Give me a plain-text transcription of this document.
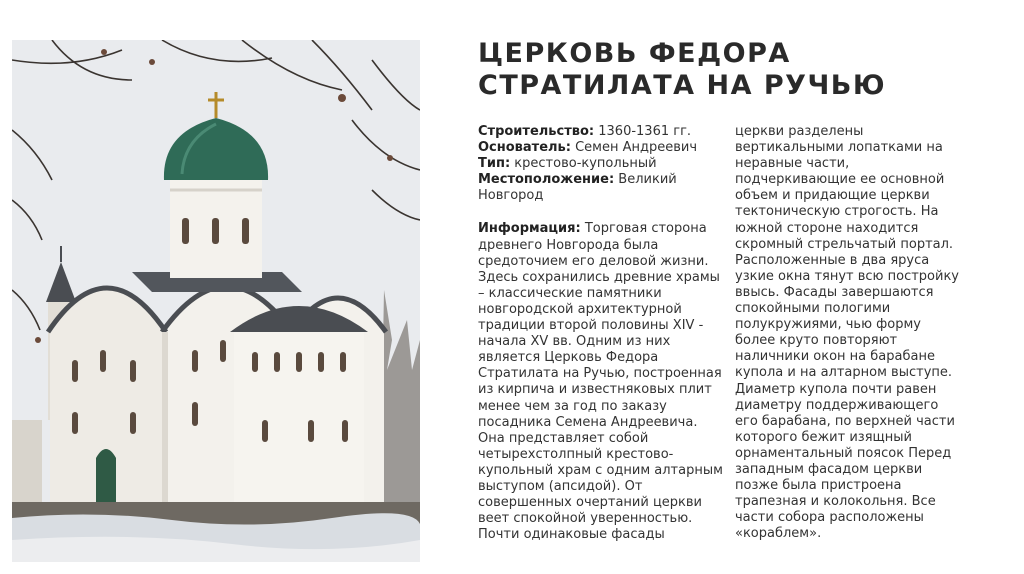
ЦЕРКОВЬ ФЕДОРА
СТРАТИЛАТА НА РУЧЬЮ

Строительство: 1360-1361 гг.

Основатель: Семен Андреевич

Тип: крестово-купольный

Местоположение: Великий Новгород

Информация: Торговая сторона древнего Новгорода была средоточием его деловой жизни. Здесь сохранились древние храмы – классические памятники новгородской архитектурной традиции второй половины XIV - начала XV вв. Одним из них является Церковь Федора Стратилата на Ручью, построенная из кирпича и известняковых плит менее чем за год по заказу посадника Семена Андреевича. Она представляет собой четырехстолпный крестово-купольный храм с одним алтарным выступом (апсидой). От совершенных очертаний церкви веет спокойной уверенностью. Почти одинаковые фасады

церкви разделены вертикальными лопатками на неравные части, подчеркивающие ее основной объем и придающие церкви тектоническую строгость. На южной стороне находится скромный стрельчатый портал. Расположенные в два яруса узкие окна тянут всю постройку ввысь. Фасады завершаются спокойными пологими полукружиями, чью форму более круто повторяют наличники окон на барабане купола и на алтарном выступе. Диаметр купола почти равен диаметру поддерживающего его барабана, по верхней части которого бежит изящный орнаментальный поясок Перед западным фасадом церкви позже была пристроена трапезная и колокольня. Все части собора расположены «кораблем».
